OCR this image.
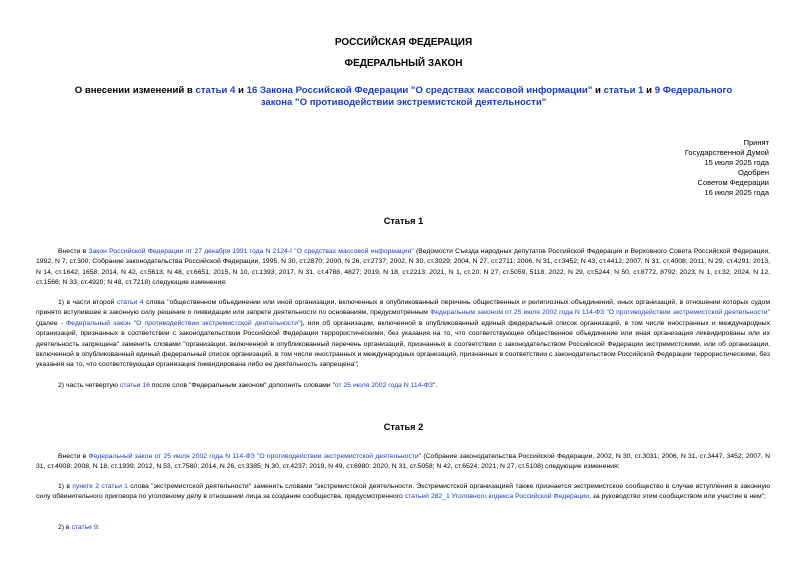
РОССИЙСКАЯ ФЕДЕРАЦИЯ
ФЕДЕРАЛЬНЫЙ ЗАКОН
О внесении изменений в статьи 4 и 16 Закона Российской Федерации "О средствах массовой информации" и статьи 1 и 9 Федерального закона "О противодействии экстремистской деятельности"
Принят
Государственной Думой
15 июля 2025 года
Одобрен
Советом Федерации
16 июля 2025 года
Статья 1
Внести в Закон Российской Федерации от 27 декабря 1991 года N 2124-I "О средствах массовой информации" (Ведомости Съезда народных депутатов Российской Федерации и Верховного Совета Российской Федерации, 1992, N 7, ст.300; Собрание законодательства Российской Федерации, 1995, N 30, ст.2870; 2000, N 26, ст.2737; 2002, N 30, ст.3029; 2004, N 27, ст.2711; 2006, N 31, ст.3452; N 43, ст.4412; 2007, N 31, ст.4008; 2011, N 29, ст.4291; 2013, N 14, ст.1642, 1658; 2014, N 42, ст.5613; N 48, ст.6651; 2015, N 10, ст.1393; 2017, N 31, ст.4788, 4827; 2019, N 18, ст.2213; 2021, N 1, ст.20; N 27, ст.5059, 5118; 2022, N 29, ст.5244; N 50, ст.8772, 8792; 2023, N 1, ст.32; 2024, N 12, ст.1566; N 33, ст.4920; N 48, ст.7218) следующие изменения:
1) в части второй статьи 4 слова "общественном объединении или иной организации, включенных в опубликованный перечень общественных и религиозных объединений, иных организаций, в отношении которых судом принято вступившее в законную силу решение о ликвидации или запрете деятельности по основаниям, предусмотренным Федеральным законом от 25 июля 2002 года N 114-ФЗ "О противодействии экстремистской деятельности" (далее - Федеральный закон "О противодействии экстремистской деятельности"), или об организации, включенной в опубликованный единый федеральный список организаций, в том числе иностранных и международных организаций, признанных в соответствии с законодательством Российской Федерации террористическими, без указания на то, что соответствующее общественное объединение или иная организация ликвидированы или их деятельность запрещена" заменить словами "организации, включенной в опубликованный перечень организаций, признанных в соответствии с законодательством Российской Федерации экстремистскими, или об организации, включенной в опубликованный единый федеральный список организаций, в том числе иностранных и международных организаций, признанных в соответствии с законодательством Российской Федерации террористическими, без указания на то, что соответствующая организация ликвидирована либо ее деятельность запрещена";
2) часть четвертую статьи 16 после слов "Федеральным законом" дополнить словами "от 25 июля 2002 года N 114-ФЗ".
Статья 2
Внести в Федеральный закон от 25 июля 2002 года N 114-ФЗ "О противодействии экстремистской деятельности" (Собрание законодательства Российской Федерации, 2002, N 30, ст.3031; 2006, N 31, ст.3447, 3452; 2007, N 31, ст.4008; 2008, N 18, ст.1939; 2012, N 53, ст.7580; 2014, N 26, ст.3385; N 30, ст.4237; 2019, N 49, ст.6980; 2020, N 31, ст.5058; N 42, ст.6524; 2021, N 27, ст.5108) следующие изменения:
1) в пункте 2 статьи 1 слова "экстремистской деятельности" заменить словами "экстремистской деятельности. Экстремистской организацией также признается экстремистское сообщество в случае вступления в законную силу обвинительного приговора по уголовному делу в отношении лица за создание сообщества, предусмотренного статьей 282_1 Уголовного кодекса Российской Федерации, за руководство этим сообществом или участие в нем";
2) в статье 9:
